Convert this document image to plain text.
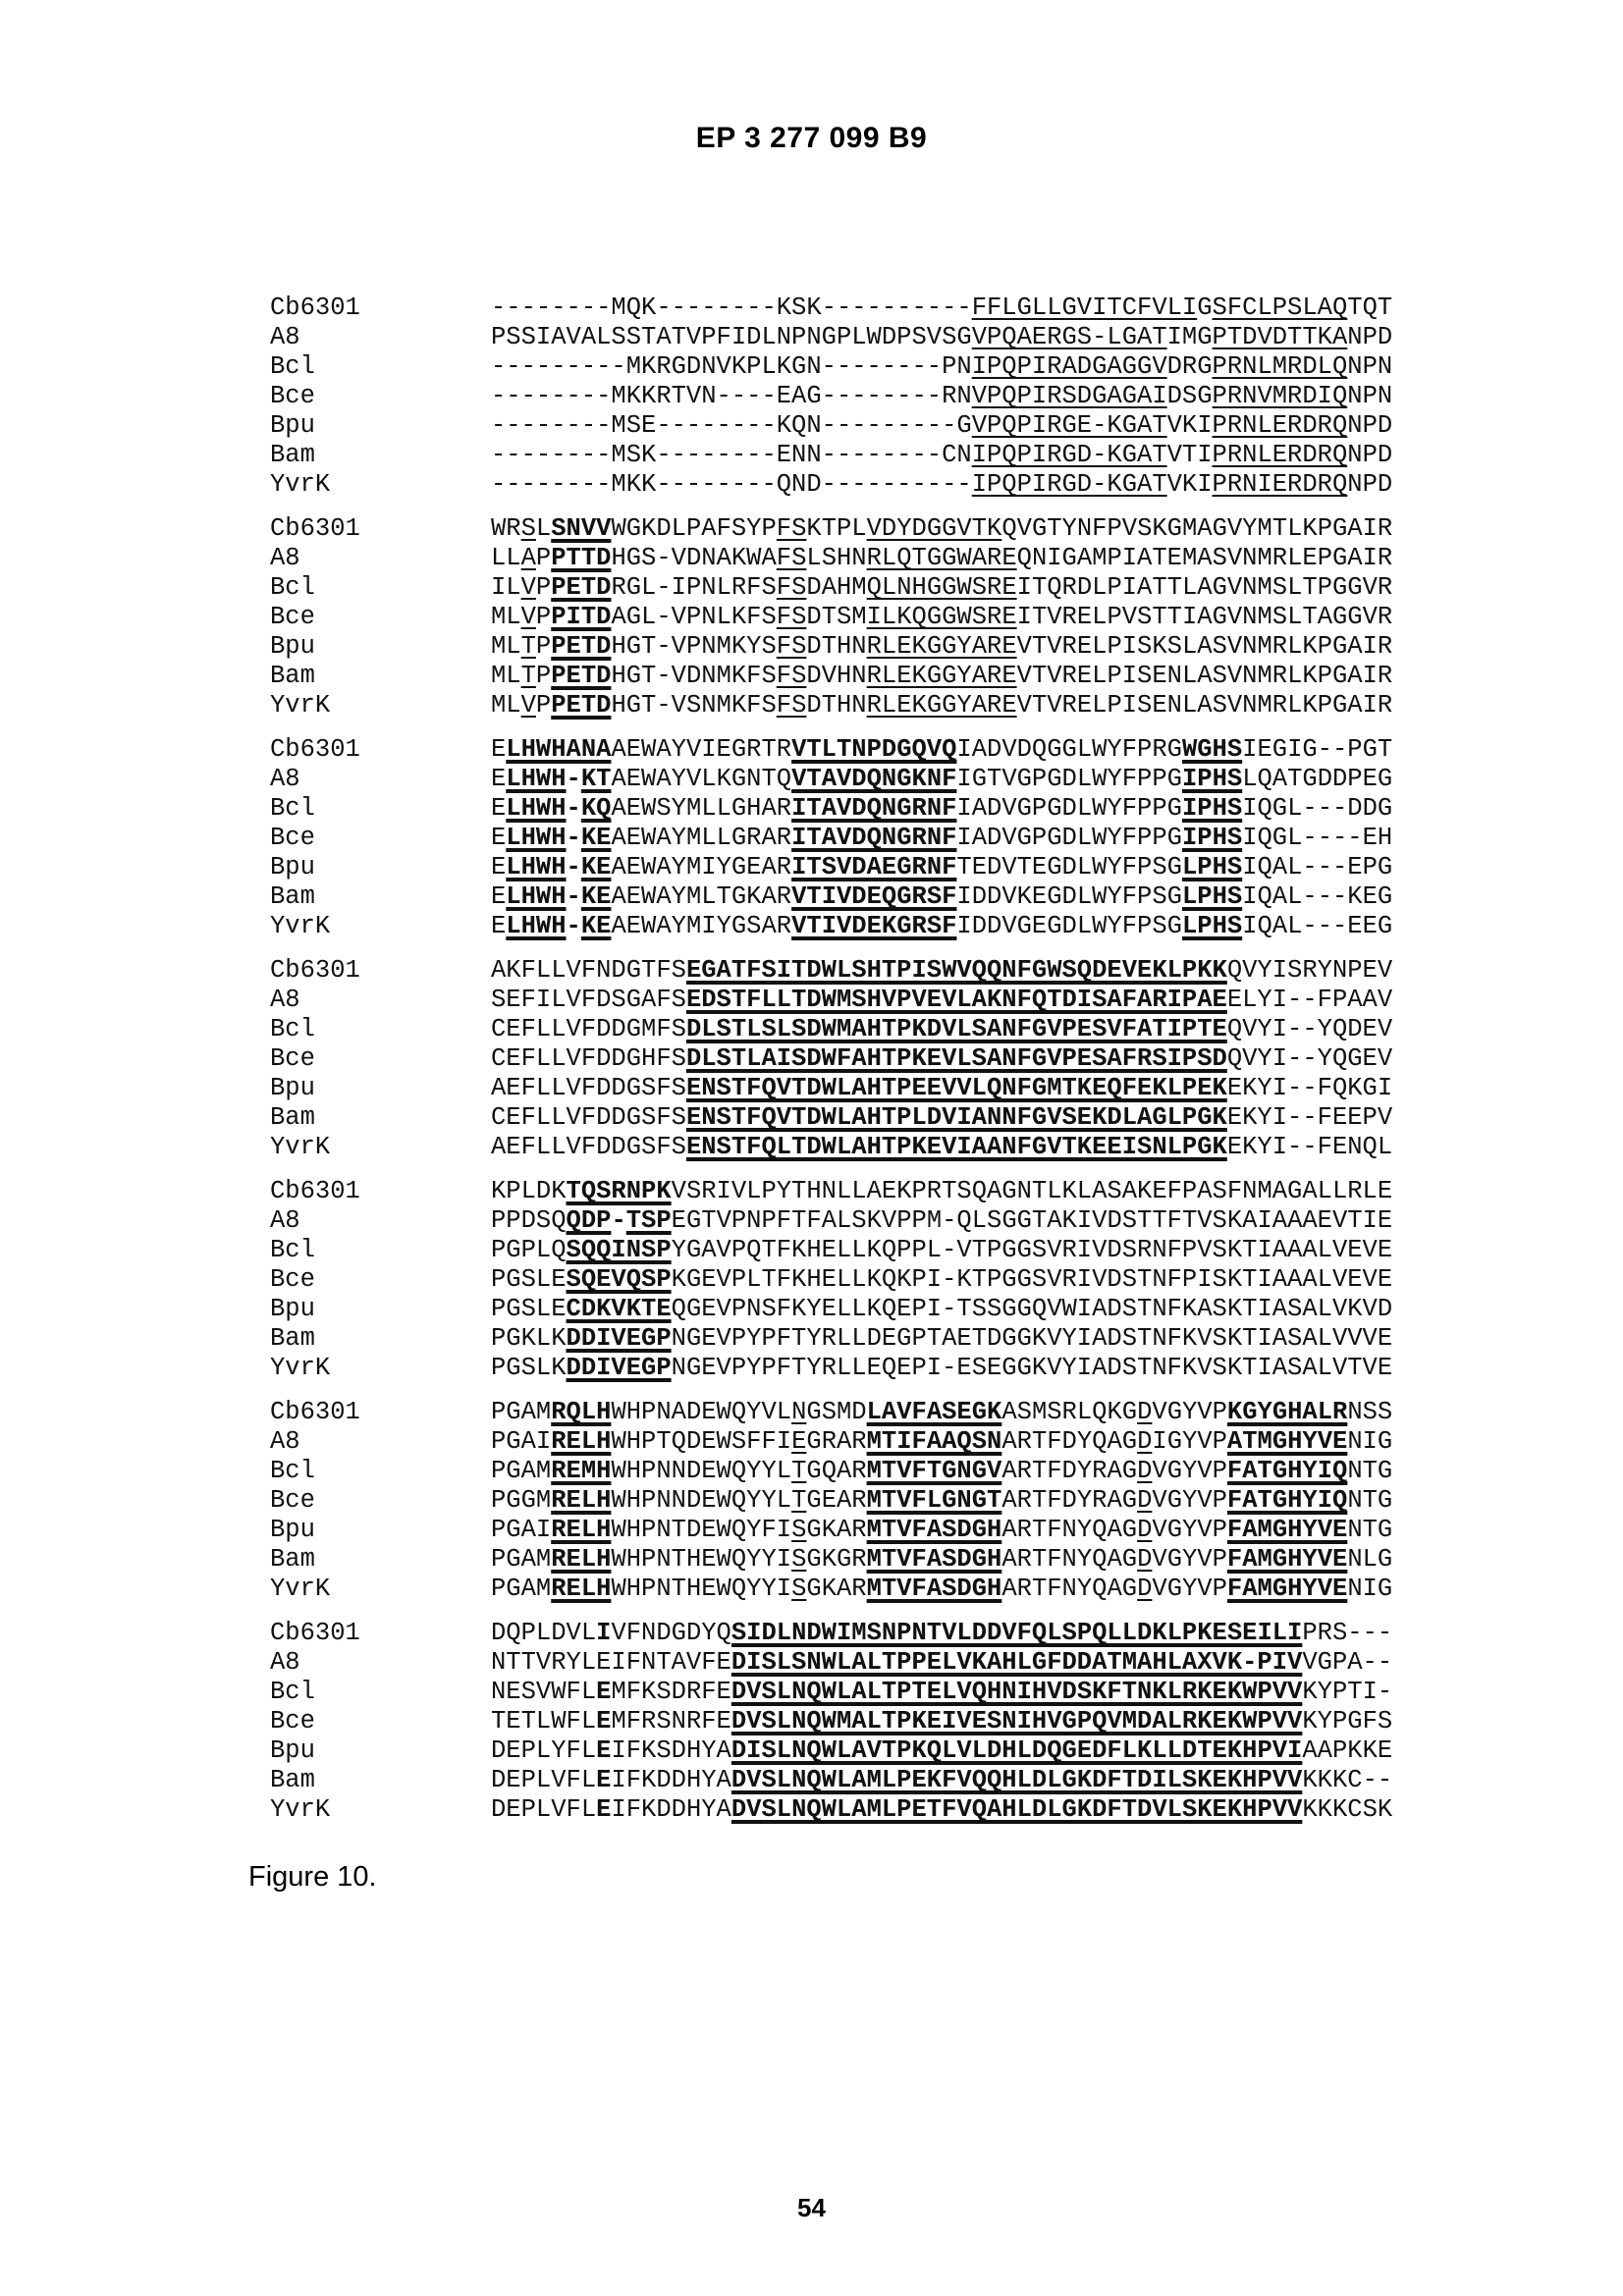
EP 3 277 099 B9
Cb6301	--------MQK--------KSK----------FFLGLLGVITCFVLIGSFCLPSLAQTQT
A8	PSSIAVALSSTATVPFIDLNPNGPLWDPSVSGVPQAERGS-LGATIMGPTDVDTTKANPD
Bcl	---------MKRGDNVKPLKGN--------PNIPQPIRADGAGGVDRGPRNLMRDLQNPN
Bce	--------MKKRTVN----EAG--------RNVPQPIRSDGAGAIDSGPRNVMRDIQNPN
Bpu	--------MSE--------KQN---------GVPQPIRGE-KGATVKIPRNLERDRQNPD
Bam	--------MSK--------ENN--------CNIPQPIRGD-KGATVTIPRNLERDRQNPD
YvrK	--------MKK--------QND----------IPQPIRGD-KGATVKIPRNIERDRQNPD
Cb6301	WRSLSNVVWGKDLPAFSYPFSKTPLVDYDGGVTKQVGTYNFPVSKGMAGVYMTLKPGAIR
A8	LLAPPTTDHGS-VDNAKWAFSLSHNRLQTGGWAREQNIGAMPIATEMASVNMRLEPGAIR
Bcl	ILVPPETDRGL-IPNLRFSFSDAHMQLNHGGWSREITQRDLPIATTLAGVNMSLTPGGVR
Bce	MLVPPITDAGL-VPNLKFSFSDTSMILKQGGWSREITVRELPVSTTIAGVNMSLTAGGVR
Bpu	MLTPPETDHGT-VPNMKYSFSDTHNRLEKGGYAREVTVRELPISKSLASVNMRLKPGAIR
Bam	MLTPPETDHGT-VDNMKFSFSDVHNRLEKGGYAREVTVRELPISENLASVNMRLKPGAIR
YvrK	MLVPPETDHGT-VSNMKFSFSDTHNRLEKGGYAREVTVRELPISENLASVNMRLKPGAIR
Cb6301	ELHWHANAAEWAYVIEGRTRVTLTNPDGQVQIADVDQGGLWYFPRGWGHSIEGIG--PGT
A8	ELHWH-KTAEWAYVLKGNTQVTAVDQNGKNFIGTVGPGDLWYFPPGIPHSLQATGDDPEG
Bcl	ELHWH-KQAEWSYMLLGHARITAVDQNGRNFIADVGPGDLWYFPPGIPHSIQGL---DDG
Bce	ELHWH-KEAEWAYMLLGRARITAVDQNGRNFIADVGPGDLWYFPPGIPHSIQGL----EH
Bpu	ELHWH-KEAEWAYMIYGEARITSVDAEGRNFTEDVTEGDLWYFPSGLPHSIQAL---EPG
Bam	ELHWH-KEAEWAYMLTGKARVTIVDEQGRSFIDDVKEGDLWYFPSGLPHSIQAL---KEG
YvrK	ELHWH-KEAEWAYMIYGSARVTIVDEKGRSFIDDVGEGDLWYFPSGLPHSIQAL---EEG
Cb6301	AKFLLVFNDGTFSEGATFSITDWLSHTPISWVQQNFGWSQDEVEKLPKKQVYISRYNPEV
A8	SEFILVFDSGAFSEDSTFLLTDWMSHVPVEVLAKNFQTDISAFARIPAEELYI--FPAAV
Bcl	CEFLLVFDDGMFSDLSTLSLSDWMAHTPKDVLSANFGVPESVFATIPTEQVYI--YQDEV
Bce	CEFLLVFDDGHFSDLSTLAISDWFAHTPKEVLSANFGVPESAFRSIPSDQVYI--YQGEV
Bpu	AEFLLVFDDGSFSENSTFQVTDWLAHTPEEVVLQNFGMTKEQFEKLPEKEKYI--FQKGI
Bam	CEFLLVFDDGSFSENSTFQVTDWLAHTPLDVIANNFGVSEKDLAGLPGKEKYI--FEEPV
YvrK	AEFLLVFDDGSFSENSTFQLTDWLAHTPKEVIAANFGVTKEEISNLPGKEKYI--FENQL
Cb6301	KPLDKTQSRNPKVSRIVLPYTHNLLAEKPRTSQAGNTLKLASAKEFPASFNMAGALLRLE
A8	PPDSQQDP-TSPEGTVPNPFTFALSKVPPM-QLSGGTAKIVDSTTFTVSKAIAAAEVTIE
Bcl	PGPLQSQQINSPYGAVPQTFKHELLKQPPL-VTPGGSVRIVDSRNFPVSKTIAAALVEVE
Bce	PGSLESQEVQSPKGEVPLTFKHELLKQKPI-KTPGGSVRIVDSTNFPISKTIAAALVEVE
Bpu	PGSLECDKVKTEQGEVPNSFKYELLKQEPI-TSSGGQVWIADSTNFKASKTIASALVKVD
Bam	PGKLKDDIVEGPNGEVPYPFTYRLLDEGPTAETDGGKVYIADSTNFKVSKTIASALVVVE
YvrK	PGSLKDDIVEGPNGEVPYPFTYRLLEQEPI-ESEGGKVYIADSTNFKVSKTIASALVTVE
Cb6301	PGAMRQLHWHPNADEWQYVLNGSMDLAVFASEGKASMSRLQKGDVGYVPKGYGHALRNSS
A8	PGAIRELHWHPTQDEWSFFIEGRARMTIFAAQSNARTFDYQAGDIGYVPATMGHYVENIG
Bcl	PGAMREMHWHPNNDEWQYYLTGQARMTVFTGNGVARTFDYRAGDVGYVPFATGHYIQNTG
Bce	PGGMRELHWHPNNDEWQYYLTGEARMTVFLGNGTARTFDYRAGDVGYVPFATGHYIQNTG
Bpu	PGAIRELHWHPNTDEWQYFISGKARMTVFASDGHARTFNYQAGDVGYVPFAMGHYVENTG
Bam	PGAMRELHWHPNTHEWQYYISGKGRMTVFASDGHARTFNYQAGDVGYVPFAMGHYVENLG
YvrK	PGAMRELHWHPNTHEWQYYISGKARMTVFASDGHARTFNYQAGDVGYVPFAMGHYVENIG
Cb6301	DQPLDVLIVFNDGDYQSIDLNDWIMSNPNTVLDDVFQLSPQLLDKLPKESEILIPRS---
A8	NTTVRYLEIFNTAVFEDISLSNWLALTPPELVKAHLGFDDATMAHLAXVK-PIVVGPA--
Bcl	NESVWFLEMFKSDRFEDVSLNQWLALTPTELVQHNIHVDSKFTNKLRKEKWPVVKYPTI-
Bce	TETLWFLEMFRSNRFEDVSLNQWMALTPKEIVESNIHVGPQVMDALRKEKWPVVKYPGFS
Bpu	DEPLYFLEIFKSDHYADISLNQWLAVTPKQLVLDHLDQGEDFLKLLDTEKHPVIAAPKKE
Bam	DEPLVFLEIFKDDHYADVSLNQWLAMLPEKFVQQHLDLGKDFTDILSKEKHPVVKKKC--
YvrK	DEPLVFLEIFKDDHYADVSLNQWLAMLPETFVQAHLDLGKDFTDVLSKEKHPVVKKKCSK
Figure 10.
54
